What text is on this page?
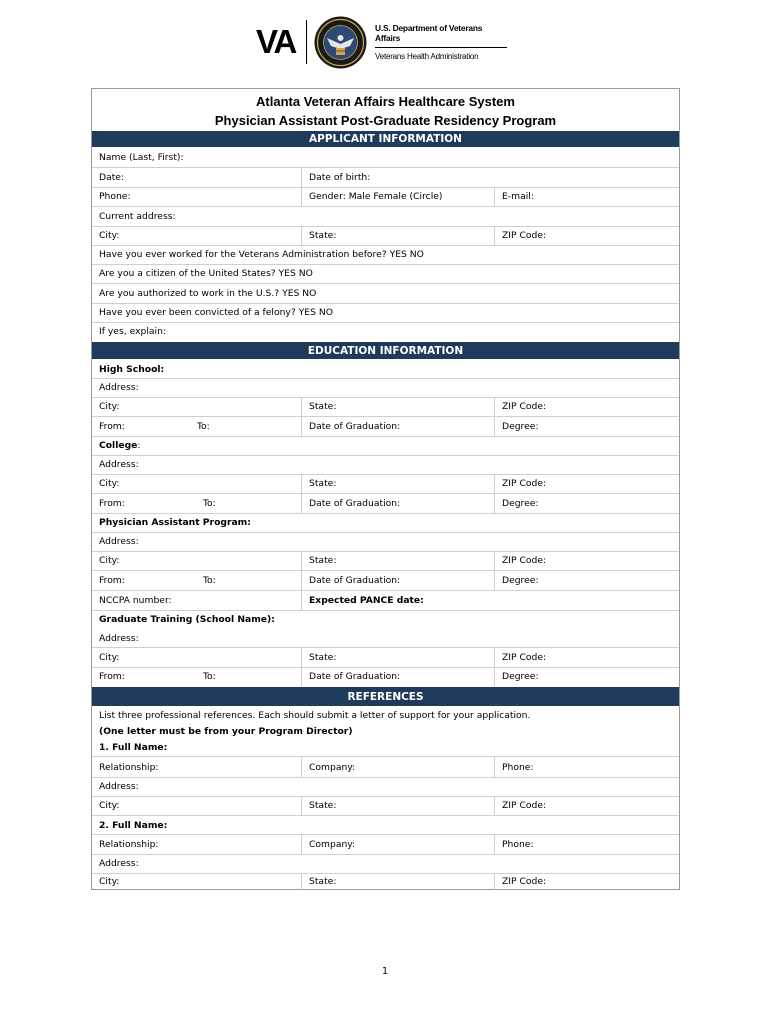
VA	U.S. Department of Veterans Affairs
Veterans Health Administration
Atlanta Veteran Affairs Healthcare System
Physician Assistant Post-Graduate Residency Program
APPLICANT INFORMATION
Name (Last, First):
Date:	Date of birth:
Phone:	Gender: Male Female (Circle)	E-mail:
Current address:
City:	State:	ZIP Code:
Have you ever worked for the Veterans Administration before? YES NO
Are you a citizen of the United States? YES NO
Are you authorized to work in the U.S.? YES NO
Have you ever been convicted of a felony? YES NO
If yes, explain:
EDUCATION INFORMATION
High School:
Address:
City:	State:	ZIP Code:
From:	To:	Date of Graduation:	Degree:
College :
Address:
City:	State:	ZIP Code:
From:	To:	Date of Graduation:	Degree:
Physician Assistant Program:
Address:
City:	State:	ZIP Code:
From:	To:	Date of Graduation:	Degree:
NCCPA number:	Expected PANCE date:
Graduate Training (School Name):
Address:
City:	State:	ZIP Code:
From:	To:	Date of Graduation:	Degree:
REFERENCES
List three professional references. Each should submit a letter of support for your application.
(One letter must be from your Program Director)
1. Full Name:
Relationship:	Company:	Phone:
Address:
City:	State:	ZIP Code:
2. Full Name:
Relationship:	Company:	Phone:
Address:
City:	State:	ZIP Code:
1
